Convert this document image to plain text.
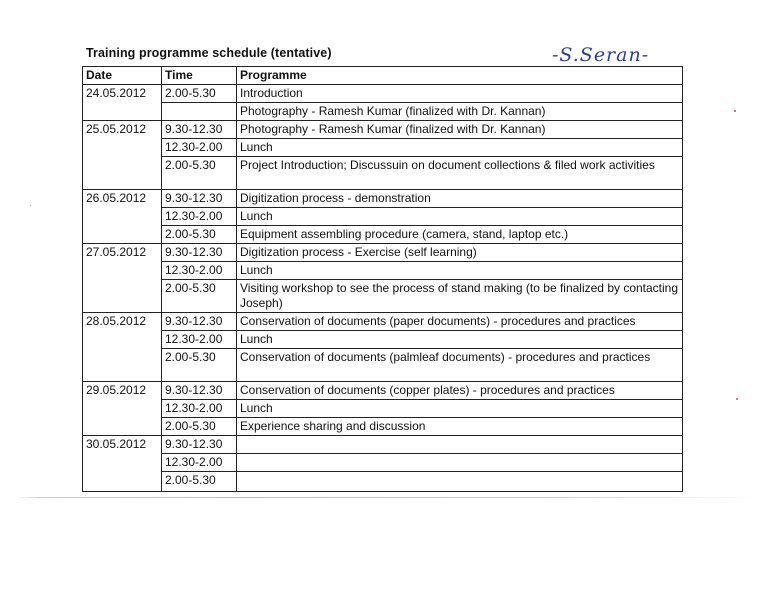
Training programme schedule (tentative)	-S.Seran-
Date	Time	Programme
24.05.2012	2.00-5.30	Introduction
		Photography - Ramesh Kumar (finalized with Dr. Kannan)
25.05.2012	9.30-12.30	Photography - Ramesh Kumar (finalized with Dr. Kannan)
	12.30-2.00	Lunch
	2.00-5.30	Project Introduction; Discussuin on document collections & filed work activities
26.05.2012	9.30-12.30	Digitization process - demonstration
	12.30-2.00	Lunch
	2.00-5.30	Equipment assembling procedure (camera, stand, laptop etc.)
27.05.2012	9.30-12.30	Digitization process - Exercise (self learning)
	12.30-2.00	Lunch
	2.00-5.30	Visiting workshop to see the process of stand making (to be finalized by contacting Joseph)
28.05.2012	9.30-12.30	Conservation of documents (paper documents) - procedures and practices
	12.30-2.00	Lunch
	2.00-5.30	Conservation of documents (palmleaf documents) - procedures and practices
29.05.2012	9.30-12.30	Conservation of documents (copper plates) - procedures and practices
	12.30-2.00	Lunch
	2.00-5.30	Experience sharing and discussion
30.05.2012	9.30-12.30	
	12.30-2.00	
	2.00-5.30	
